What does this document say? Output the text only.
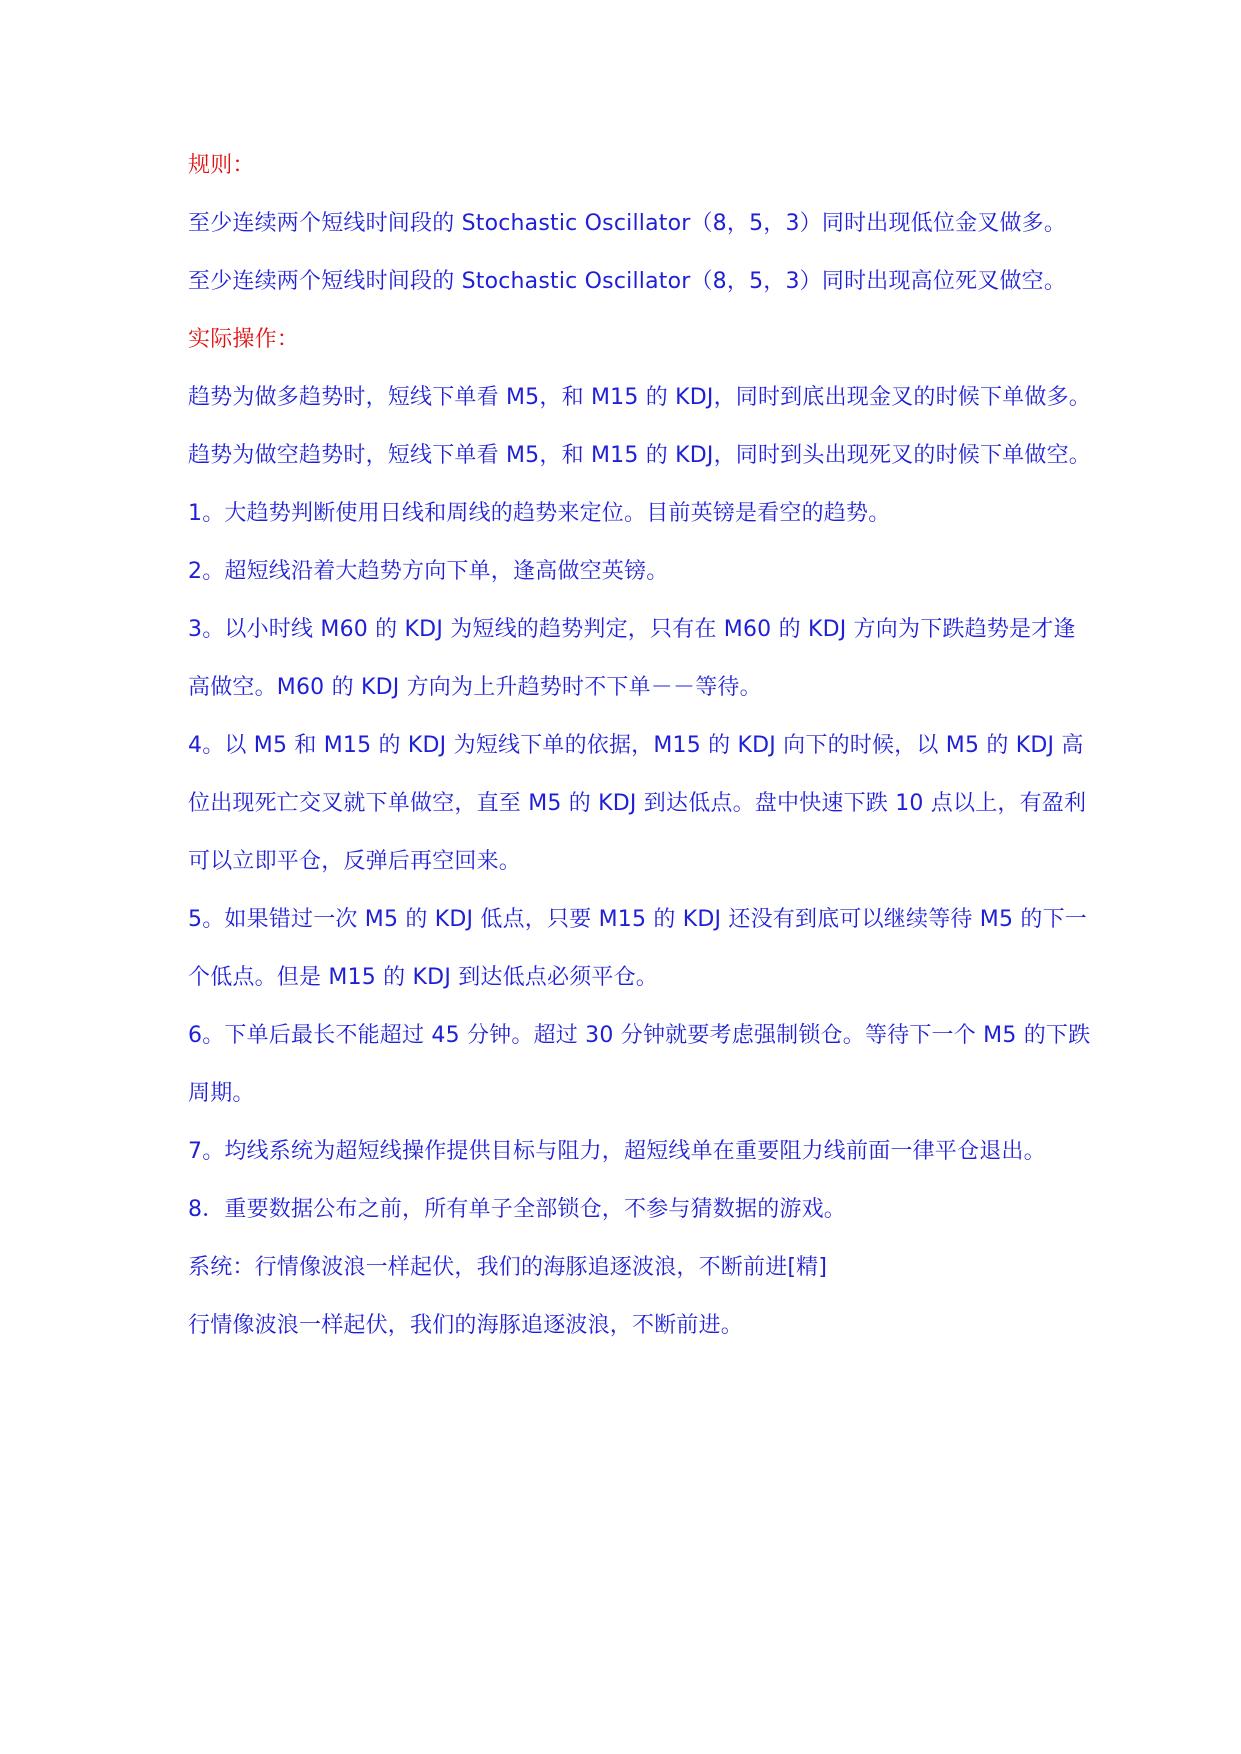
规则：
至少连续两个短线时间段的 Stochastic Oscillator（8，5，3）同时出现低位金叉做多。
至少连续两个短线时间段的 Stochastic Oscillator（8，5，3）同时出现高位死叉做空。
实际操作：
趋势为做多趋势时，短线下单看 M5，和 M15 的 KDJ，同时到底出现金叉的时候下单做多。
趋势为做空趋势时，短线下单看 M5，和 M15 的 KDJ，同时到头出现死叉的时候下单做空。
1。大趋势判断使用日线和周线的趋势来定位。目前英镑是看空的趋势。
2。超短线沿着大趋势方向下单，逢高做空英镑。
3。以小时线 M60 的 KDJ 为短线的趋势判定，只有在 M60 的 KDJ 方向为下跌趋势是才逢
高做空。M60 的 KDJ 方向为上升趋势时不下单－－等待。
4。以 M5 和 M15 的 KDJ 为短线下单的依据，M15 的 KDJ 向下的时候，以 M5 的 KDJ 高
位出现死亡交叉就下单做空，直至 M5 的 KDJ 到达低点。盘中快速下跌 10 点以上，有盈利
可以立即平仓，反弹后再空回来。
5。如果错过一次 M5 的 KDJ 低点，只要 M15 的 KDJ 还没有到底可以继续等待 M5 的下一
个低点。但是 M15 的 KDJ 到达低点必须平仓。
6。下单后最长不能超过 45 分钟。超过 30 分钟就要考虑强制锁仓。等待下一个 M5 的下跌
周期。
7。均线系统为超短线操作提供目标与阻力，超短线单在重要阻力线前面一律平仓退出。
8．重要数据公布之前，所有单子全部锁仓，不参与猜数据的游戏。
系统：行情像波浪一样起伏，我们的海豚追逐波浪，不断前进[精]
行情像波浪一样起伏，我们的海豚追逐波浪，不断前进。
